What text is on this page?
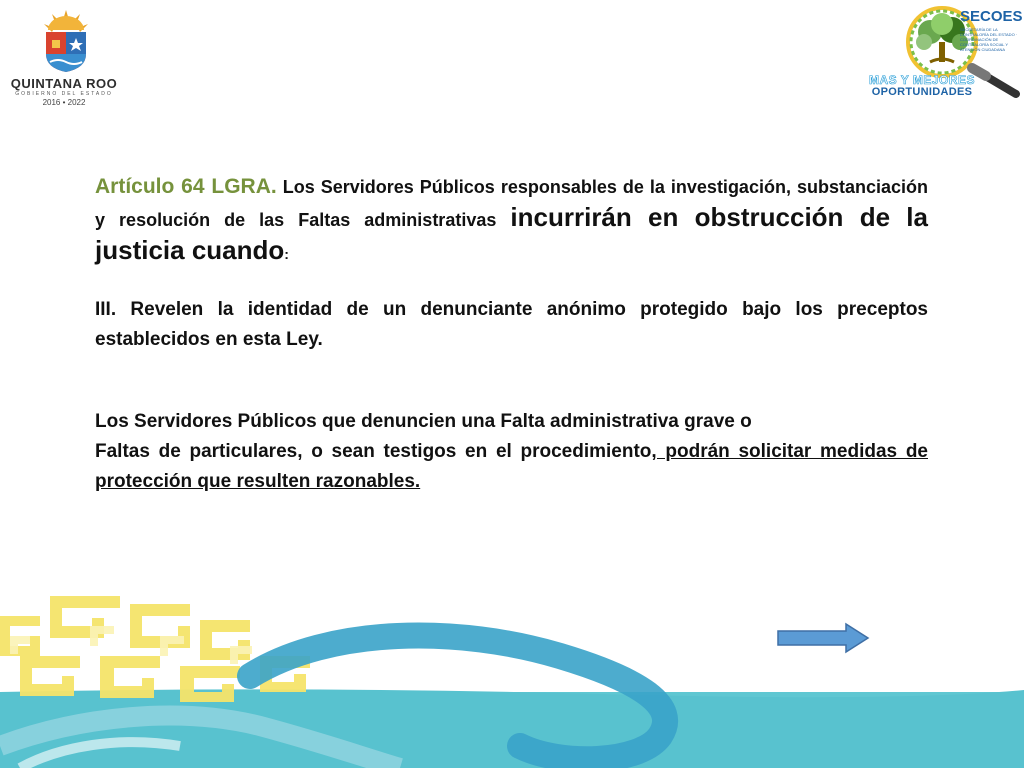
QUINTANA ROO
GOBIERNO DEL ESTADO
2016 • 2022
SECOES
SECRETARÍA DE LA CONTRALORÍA DEL ESTADO · COORDINACIÓN DE CONTRALORÍA SOCIAL Y ATENCIÓN CIUDADANA
MAS Y MEJORES
OPORTUNIDADES

Artículo 64 LGRA. Los Servidores Públicos responsables de la investigación, substanciación y resolución de las Faltas administrativas incurrirán en obstrucción de la justicia cuando:

III. Revelen la identidad de un denunciante anónimo protegido bajo los preceptos establecidos en esta Ley.

Los Servidores Públicos que denuncien una Falta administrativa grave o

Faltas de particulares, o sean testigos en el procedimiento, podrán solicitar medidas de protección que resulten razonables.
